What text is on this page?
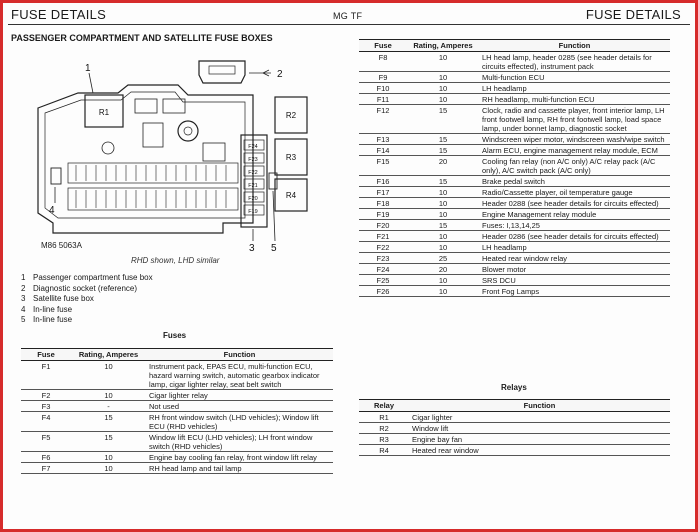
FUSE DETAILS	MG TF	FUSE DETAILS
PASSENGER COMPARTMENT AND SATELLITE FUSE BOXES
F24
F23
F22
F21
F20
F19
R1	R2
R3
R4
1
2
3
4
5
M86 5063A
RHD shown, LHD similar
1 Passenger compartment fuse box
2 Diagnostic socket (reference)
3 Satellite fuse box
4 In-line fuse
5 In-line fuse
Fuses
Fuse	Rating, Amperes	Function
F1	10	Instrument pack, EPAS ECU, multi-function ECU, hazard warning switch, automatic gearbox indicator lamp, cigar lighter relay, seat belt switch
F2	10	Cigar lighter relay
F3	-	Not used
F4	15	RH front window switch (LHD vehicles); Window lift ECU (RHD vehicles)
F5	15	Window lift ECU (LHD vehicles); LH front window switch (RHD vehicles)
F6	10	Engine bay cooling fan relay, front window lift relay
F7	10	RH head lamp and tail lamp
Fuse	Rating, Amperes	Function
F8	10	LH head lamp, header 0285 (see header details for circuits effected), instrument pack
F9	10	Multi-function ECU
F10	10	LH headlamp
F11	10	RH headlamp, multi-function ECU
F12	15	Clock, radio and cassette player, front interior lamp, LH front footwell lamp, RH front footwell lamp, load space lamp, under bonnet lamp, diagnostic socket
F13	15	Windscreen wiper motor, windscreen wash/wipe switch
F14	15	Alarm ECU, engine management relay module, ECM
F15	20	Cooling fan relay (non A/C only) A/C relay pack (A/C only), A/C switch pack (A/C only)
F16	15	Brake pedal switch
F17	10	Radio/Cassette player, oil temperature gauge
F18	10	Header 0288 (see header details for circuits effected)
F19	10	Engine Management relay module
F20	15	Fuses: I,13,14,25
F21	10	Header 0286 (see header details for circuits effected)
F22	10	LH headlamp
F23	25	Heated rear window relay
F24	20	Blower motor
F25	10	SRS DCU
F26	10	Front Fog Lamps
Relays
Relay	Function
R1	Cigar lighter
R2	Window lift
R3	Engine bay fan
R4	Heated rear window
